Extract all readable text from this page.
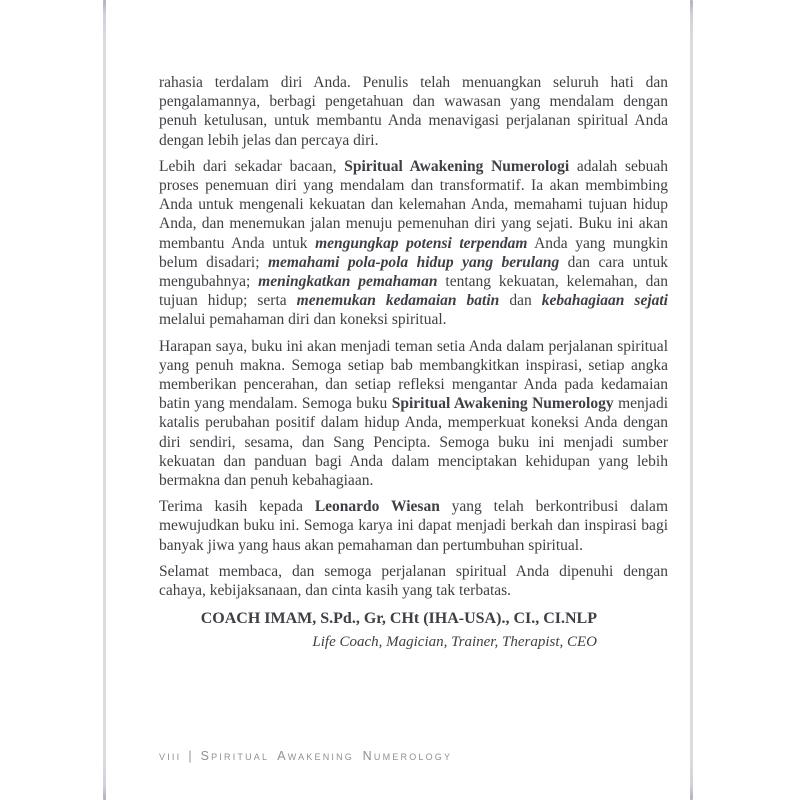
rahasia terdalam diri Anda. Penulis telah menuangkan seluruh hati dan pengalamannya, berbagi pengetahuan dan wawasan yang mendalam dengan penuh ketulusan, untuk membantu Anda menavigasi perjalanan spiritual Anda dengan lebih jelas dan percaya diri.

Lebih dari sekadar bacaan, Spiritual Awakening Numerologi adalah sebuah proses penemuan diri yang mendalam dan transformatif. Ia akan membimbing Anda untuk mengenali kekuatan dan kelemahan Anda, memahami tujuan hidup Anda, dan menemukan jalan menuju pemenuhan diri yang sejati. Buku ini akan membantu Anda untuk mengungkap potensi terpendam Anda yang mungkin belum disadari; memahami pola-pola hidup yang berulang dan cara untuk mengubahnya; meningkatkan pemahaman tentang kekuatan, kelemahan, dan tujuan hidup; serta menemukan kedamaian batin dan kebahagiaan sejati melalui pemahaman diri dan koneksi spiritual.

Harapan saya, buku ini akan menjadi teman setia Anda dalam perjalanan spiritual yang penuh makna. Semoga setiap bab membangkitkan inspirasi, setiap angka memberikan pencerahan, dan setiap refleksi mengantar Anda pada kedamaian batin yang mendalam. Semoga buku Spiritual Awakening Numerology menjadi katalis perubahan positif dalam hidup Anda, memperkuat koneksi Anda dengan diri sendiri, sesama, dan Sang Pencipta. Semoga buku ini menjadi sumber kekuatan dan panduan bagi Anda dalam menciptakan kehidupan yang lebih bermakna dan penuh kebahagiaan.

Terima kasih kepada Leonardo Wiesan yang telah berkontribusi dalam mewujudkan buku ini. Semoga karya ini dapat menjadi berkah dan inspirasi bagi banyak jiwa yang haus akan pemahaman dan pertumbuhan spiritual.

Selamat membaca, dan semoga perjalanan spiritual Anda dipenuhi dengan cahaya, kebijaksanaan, dan cinta kasih yang tak terbatas.

COACH IMAM, S.Pd., Gr, CHt (IHA-USA)., CI., CI.NLP
Life Coach, Magician, Trainer, Therapist, CEO
viii | Spiritual Awakening Numerology
